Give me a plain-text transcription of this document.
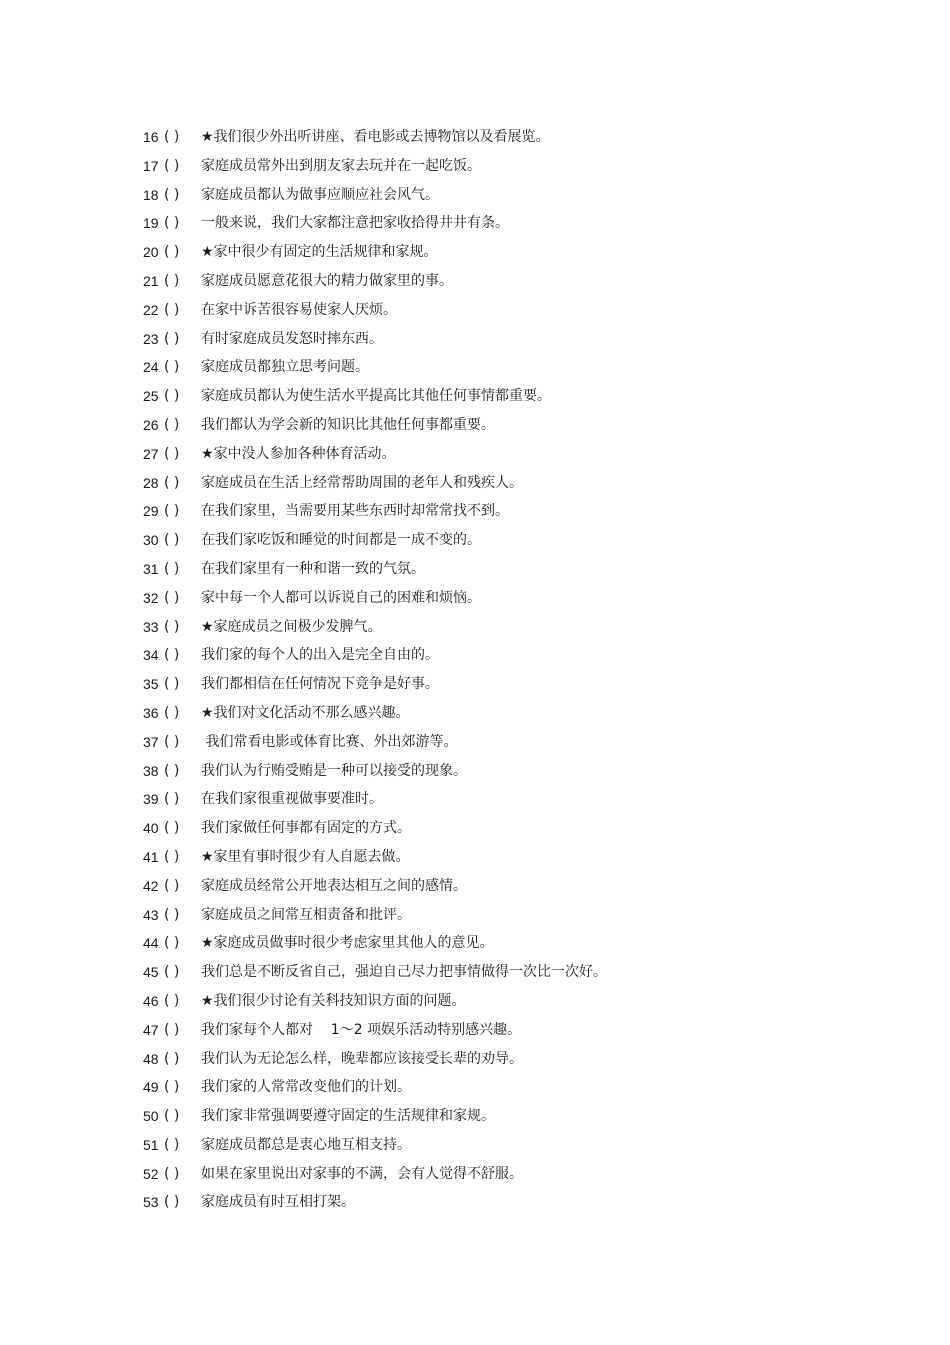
16 ( )	★我们很少外出听讲座、看电影或去博物馆以及看展览。
17 ( )	家庭成员常外出到朋友家去玩并在一起吃饭。
18 ( )	家庭成员都认为做事应顺应社会风气。
19 ( )	一般来说，我们大家都注意把家收拾得井井有条。
20 ( )	★家中很少有固定的生活规律和家规。
21 ( )	家庭成员愿意花很大的精力做家里的事。
22 ( )	在家中诉苦很容易使家人厌烦。
23 ( )	有时家庭成员发怒时摔东西。
24 ( )	家庭成员都独立思考问题。
25 ( )	家庭成员都认为使生活水平提高比其他任何事情都重要。
26 ( )	我们都认为学会新的知识比其他任何事都重要。
27 ( )	★家中没人参加各种体育活动。
28 ( )	家庭成员在生活上经常帮助周围的老年人和残疾人。
29 ( )	在我们家里，当需要用某些东西时却常常找不到。
30 ( )	在我们家吃饭和睡觉的时间都是一成不变的。
31 ( )	在我们家里有一种和谐一致的气氛。
32 ( )	家中每一个人都可以诉说自己的困难和烦恼。
33 ( )	★家庭成员之间极少发脾气。
34 ( )	我们家的每个人的出入是完全自由的。
35 ( )	我们都相信在任何情况下竞争是好事。
36 ( )	★我们对文化活动不那么感兴趣。
37 ( )	我们常看电影或体育比赛、外出郊游等。
38 ( )	我们认为行贿受贿是一种可以接受的现象。
39 ( )	在我们家很重视做事要准时。
40 ( )	我们家做任何事都有固定的方式。
41 ( )	★家里有事时很少有人自愿去做。
42 ( )	家庭成员经常公开地表达相互之间的感情。
43 ( )	家庭成员之间常互相责备和批评。
44 ( )	★家庭成员做事时很少考虑家里其他人的意见。
45 ( )	我们总是不断反省自己，强迫自己尽力把事情做得一次比一次好。
46 ( )	★我们很少讨论有关科技知识方面的问题。
47 ( )	我们家每个人都对    1～2 项娱乐活动特别感兴趣。
48 ( )	我们认为无论怎么样，晚辈都应该接受长辈的劝导。
49 ( )	我们家的人常常改变他们的计划。
50 ( )	我们家非常强调要遵守固定的生活规律和家规。
51 ( )	家庭成员都总是衷心地互相支持。
52 ( )	如果在家里说出对家事的不满，会有人觉得不舒服。
53 ( )	家庭成员有时互相打架。
